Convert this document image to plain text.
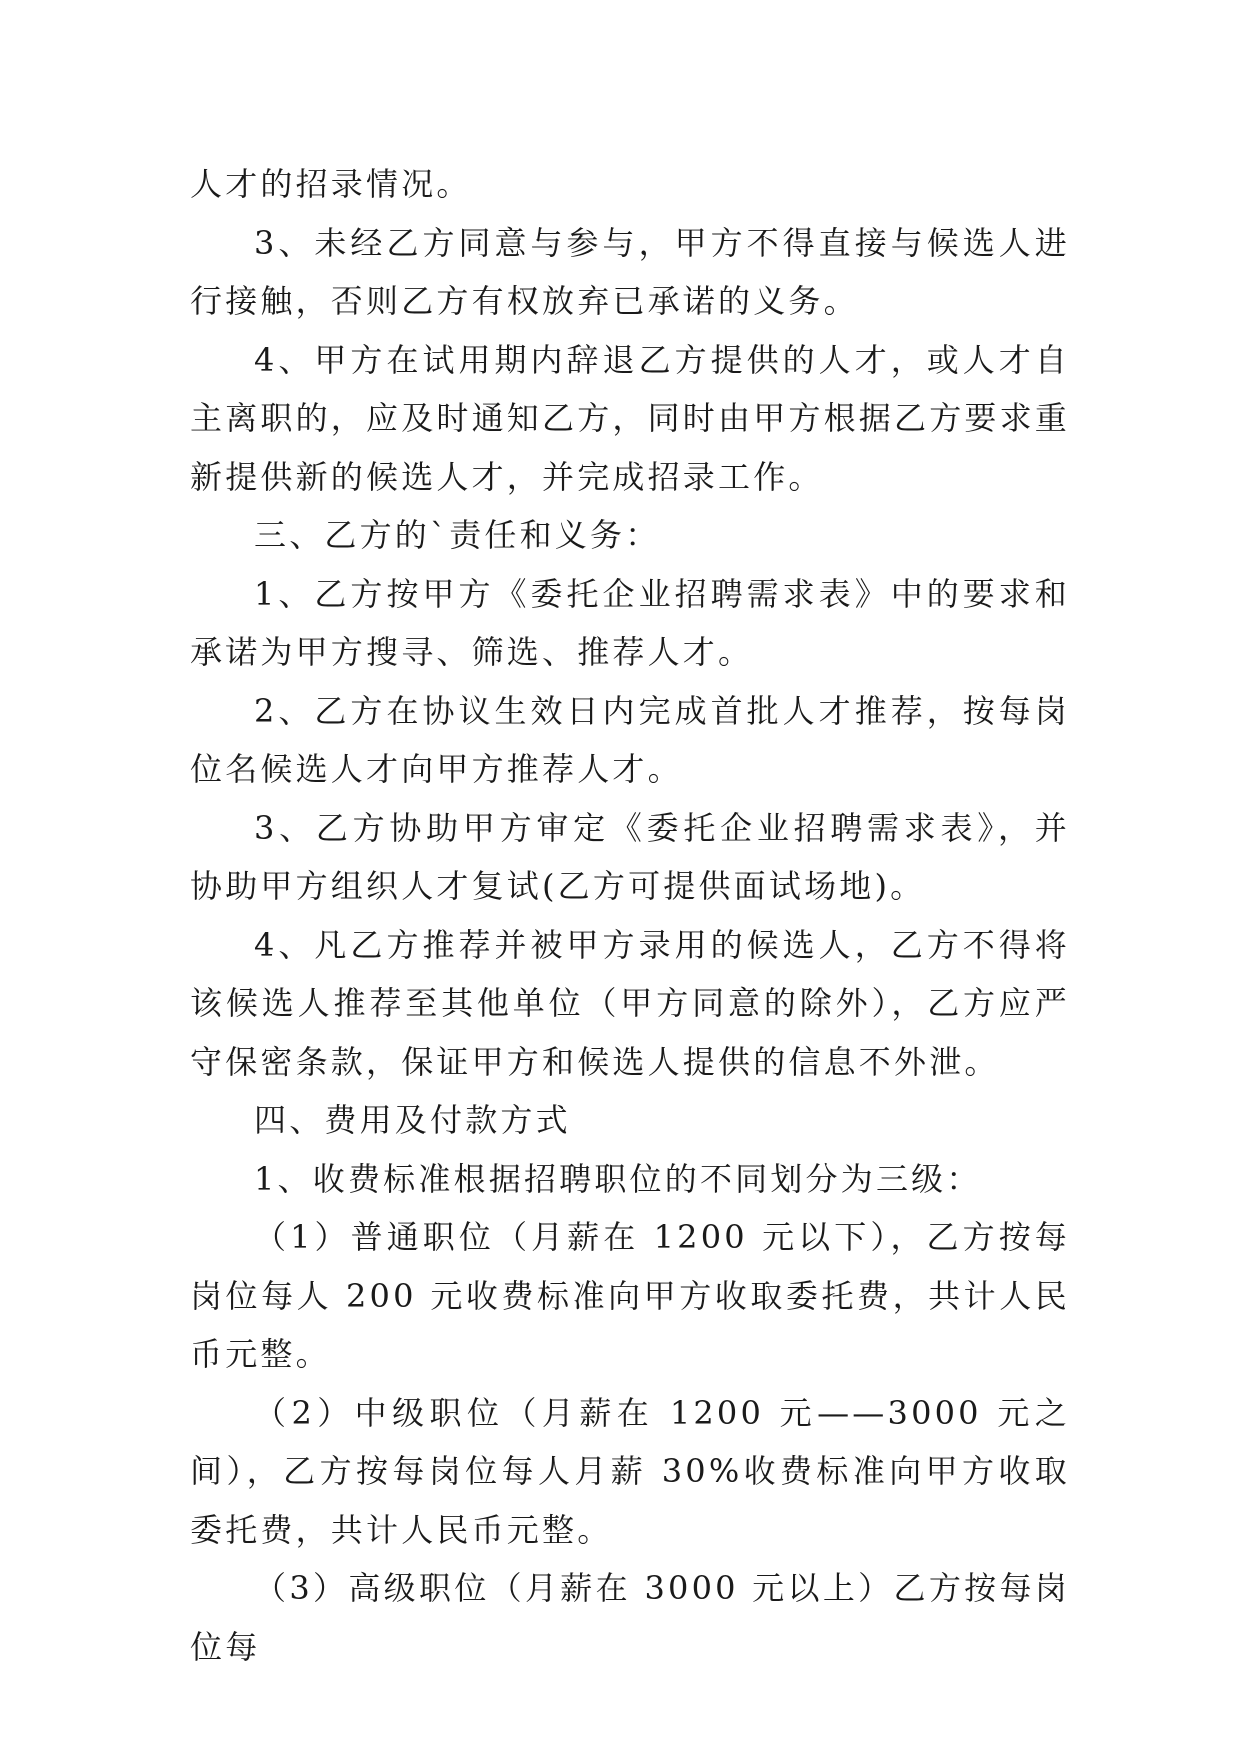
人才的招录情况。

3、未经乙方同意与参与，甲方不得直接与候选人进行接触，否则乙方有权放弃已承诺的义务。

4、甲方在试用期内辞退乙方提供的人才，或人才自主离职的，应及时通知乙方，同时由甲方根据乙方要求重新提供新的候选人才，并完成招录工作。

三、乙方的`责任和义务：

1、乙方按甲方《委托企业招聘需求表》中的要求和承诺为甲方搜寻、筛选、推荐人才。

2、乙方在协议生效日内完成首批人才推荐，按每岗位名候选人才向甲方推荐人才。

3、乙方协助甲方审定《委托企业招聘需求表》，并协助甲方组织人才复试(乙方可提供面试场地)。

4、凡乙方推荐并被甲方录用的候选人，乙方不得将该候选人推荐至其他单位（甲方同意的除外），乙方应严守保密条款，保证甲方和候选人提供的信息不外泄。

四、费用及付款方式

1、收费标准根据招聘职位的不同划分为三级：

（1）普通职位（月薪在 1200 元以下），乙方按每岗位每人 200 元收费标准向甲方收取委托费，共计人民币元整。

（2）中级职位（月薪在 1200 元——3000 元之间），乙方按每岗位每人月薪 30%收费标准向甲方收取委托费，共计人民币元整。

（3）高级职位（月薪在 3000 元以上）乙方按每岗位每
